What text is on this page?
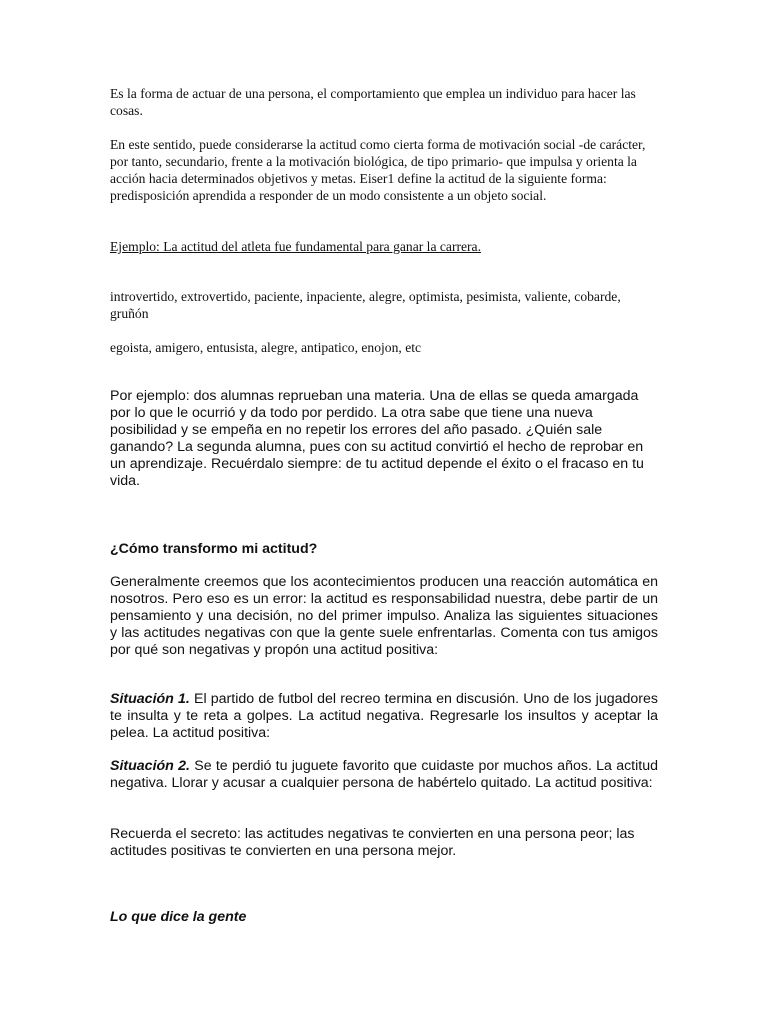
Es la forma de actuar de una persona, el comportamiento que emplea un individuo para hacer las cosas.

En este sentido, puede considerarse la actitud como cierta forma de motivación social -de carácter, por tanto, secundario, frente a la motivación biológica, de tipo primario- que impulsa y orienta la acción hacia determinados objetivos y metas. Eiser1 define la actitud de la siguiente forma: predisposición aprendida a responder de un modo consistente a un objeto social.

Ejemplo: La actitud del atleta fue fundamental para ganar la carrera.

introvertido, extrovertido, paciente, inpaciente, alegre, optimista, pesimista, valiente, cobarde, gruñón

egoista, amigero, entusista, alegre, antipatico, enojon, etc

Por ejemplo: dos alumnas reprueban una materia. Una de ellas se queda amargada por lo que le ocurrió y da todo por perdido. La otra sabe que tiene una nueva posibilidad y se empeña en no repetir los errores del año pasado. ¿Quién sale ganando? La segunda alumna, pues con su actitud convirtió el hecho de reprobar en un aprendizaje. Recuérdalo siempre: de tu actitud depende el éxito o el fracaso en tu vida.

¿Cómo transformo mi actitud?

Generalmente creemos que los acontecimientos producen una reacción automática en nosotros. Pero eso es un error: la actitud es responsabilidad nuestra, debe partir de un pensamiento y una decisión, no del primer impulso. Analiza las siguientes situaciones y las actitudes negativas con que la gente suele enfrentarlas. Comenta con tus amigos por qué son negativas y propón una actitud positiva:

Situación 1. El partido de futbol del recreo termina en discusión. Uno de los jugadores te insulta y te reta a golpes. La actitud negativa. Regresarle los insultos y aceptar la pelea. La actitud positiva:

Situación 2. Se te perdió tu juguete favorito que cuidaste por muchos años. La actitud negativa. Llorar y acusar a cualquier persona de habértelo quitado. La actitud positiva:

Recuerda el secreto: las actitudes negativas te convierten en una persona peor; las actitudes positivas te convierten en una persona mejor.

Lo que dice la gente
